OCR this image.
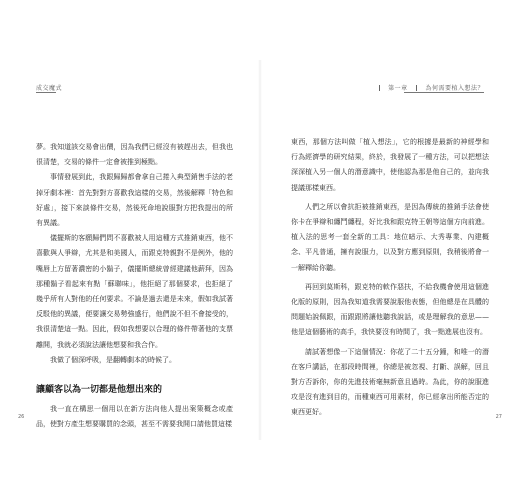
成交魔式

夢。我知道該交易會出價，因為我們已經沒有被趕出去，但我也很清楚，交易的條件一定會被推到極點。

事情發展到此，我跟歸歸都會拿自己捲入典型銷售手法的老掉牙劇本裡：首先對對方喜歡我這樣的交易，然後解釋「特色和好處」，接下來談條件交易，然後死命地說服對方把我提出的所有異議。

儀擺斯的客願歸們問不喜歡被人用這種方式推銷東西，他不喜歡與人爭辯，尤其是和美國人，而跟克特親對不是例外，他的嘴唇上方留著濃密的小鬍子，儀擺斯總統曾經建議他薪拜，因為那種鬍子看起來有點「蘇聯味」，他拒絕了那個要求，也拒絕了幾乎所有人對他的任何要求。不論是過去還是未來，假如我試著反駁他的異議，便要讓交易勢強盛行，他們說不但不會接受的，我很清楚這一點。因此，假如我想要以合理的條件帶著他的支票離開，我就必須說法讓他想要和我合作。

我做了個深呼吸，是翻轉劇本的時候了。

讓顧客以為一切都是他想出來的

我一直在構思一個用以在新方法向他人提出案策概念或產品，使對方產生想要購買的念頭，甚至不需要我開口請他買這樣

26
第一章	為何需要植入想法？

東西，那個方法叫做「植入想法」，它的根據是最新的神經學和行為經濟學的研究結果，終於，我發展了一種方法，可以把想法深深植入另一個人的潛意識中，使他認為那是他自己的，並向我提議那樣東西。

人們之所以會抗拒被推銷東西，是因為傳統的推銷手法會使你卡在爭辯和纏鬥纏程，好比我和跟克特王朝等這個方向前進。植入法的思考一套全新的工具：地位暗示、大秀專業、內建概念、平凡普通，擁有說服力，以及對方應到原則，我稍後將會一一解釋給你聽。

再回到莫斯科，跟克特的軟作惡扶，不給我機會使用這個進化版的原則，因為我知道我需要說服他表態，但他總是在具體的問題始說佩跟，而跟跟將讓他聽我說話，或是理解我的意思——他是這個藝術的高手，我快要沒有時間了，我一點進展也沒有。

請試著想像一下這個情況：你花了二十五分鐘，和唯一的潛在客戶講話，在那段時間裡，你總是被忽視、打斷、誤解，回且對方否訴你，你的先進技術毫無新意且過時。為此，你的說服進攻是沒有進到目的，而種東西可用素材，你已經拿出所能否定的東西更好。

27
